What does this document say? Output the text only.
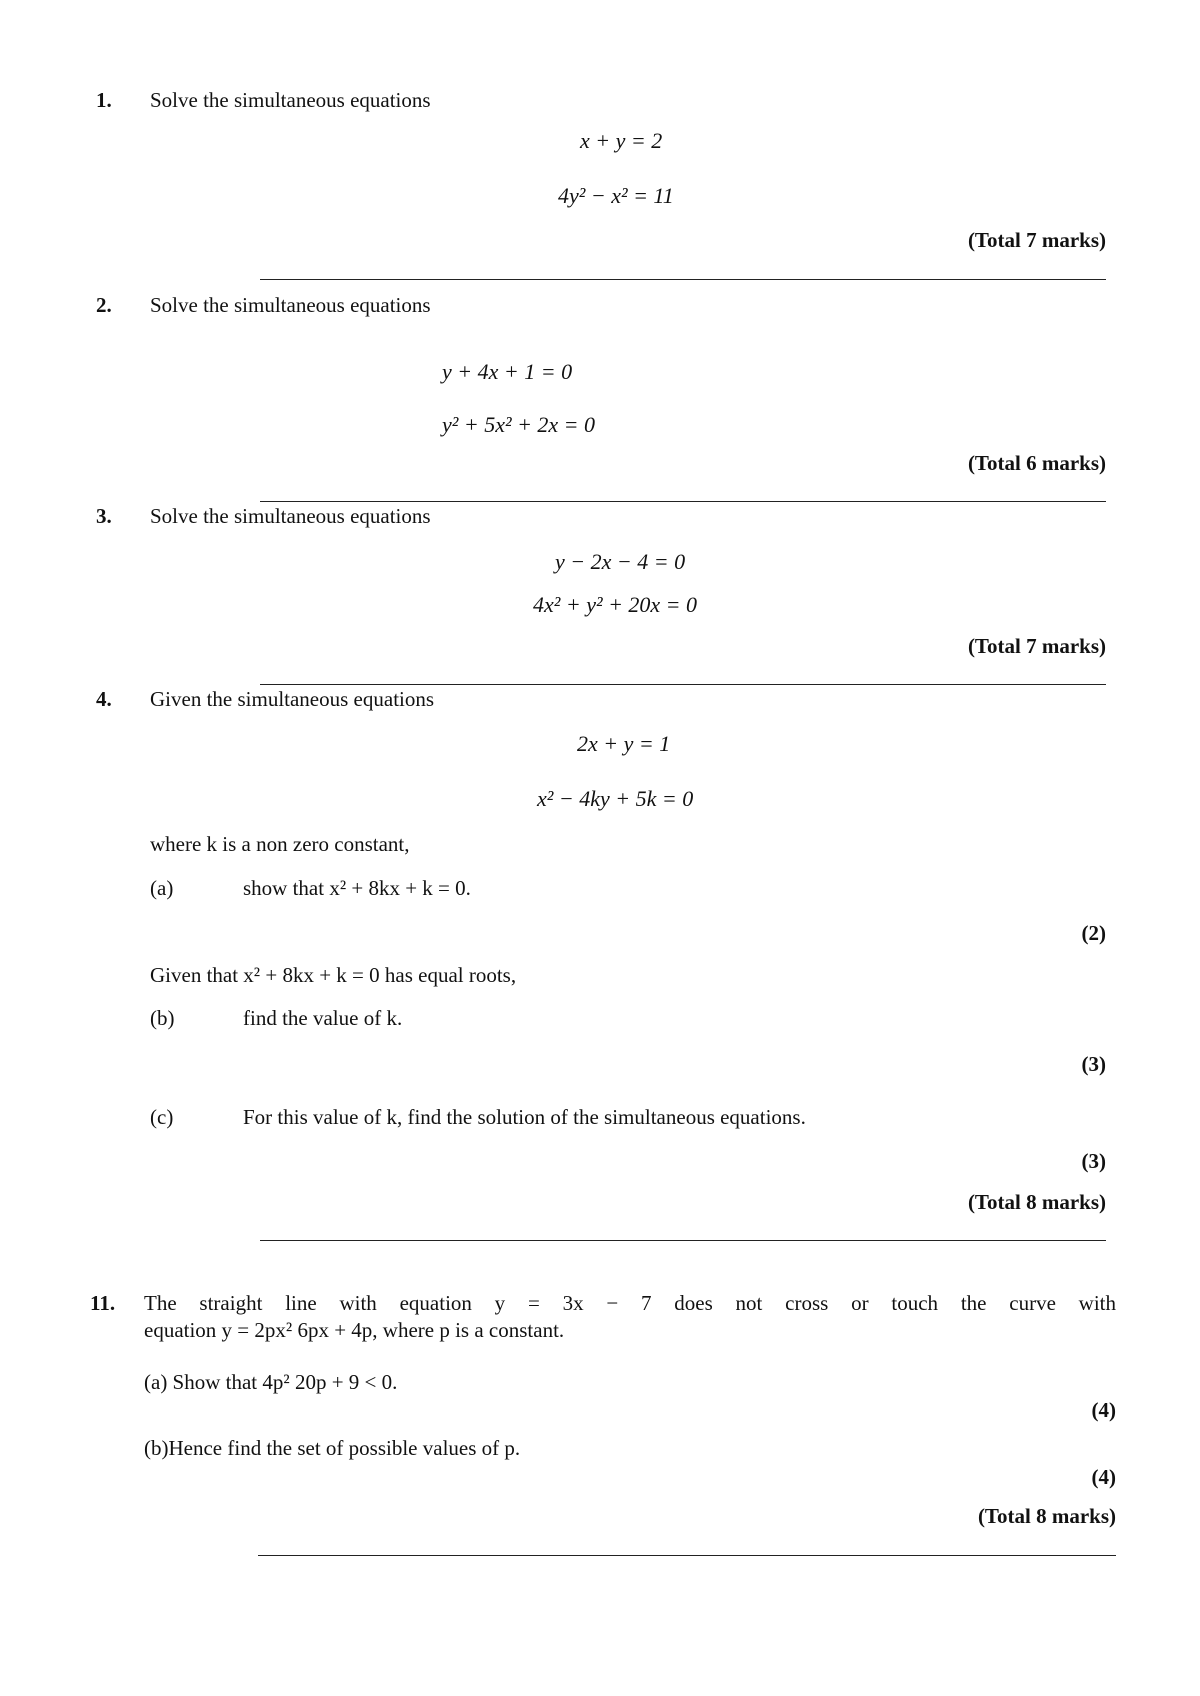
1. Solve the simultaneous equations
x + y = 2
4y² − x² = 11
(Total 7 marks)
2. Solve the simultaneous equations
y + 4x + 1 = 0
y² + 5x² + 2x = 0
(Total 6 marks)
3. Solve the simultaneous equations
y − 2x − 4 = 0
4x² + y² + 20x = 0
(Total 7 marks)
4. Given the simultaneous equations
2x + y = 1
x² − 4ky + 5k = 0
where k is a non zero constant,
(a)	show that x² + 8kx + k = 0.
(2)
Given that x² + 8kx + k = 0 has equal roots,
(b)	find the value of k.
(3)
(c)	For this value of k, find the solution of the simultaneous equations.
(3)
(Total 8 marks)
11. The straight line with equation y = 3x − 7 does not cross or touch the curve with
equation y = 2px² 6px + 4p, where p is a constant.
(a) Show that 4p² 20p + 9 < 0.
(4)
(b)Hence find the set of possible values of p.
(4)
(Total 8 marks)
